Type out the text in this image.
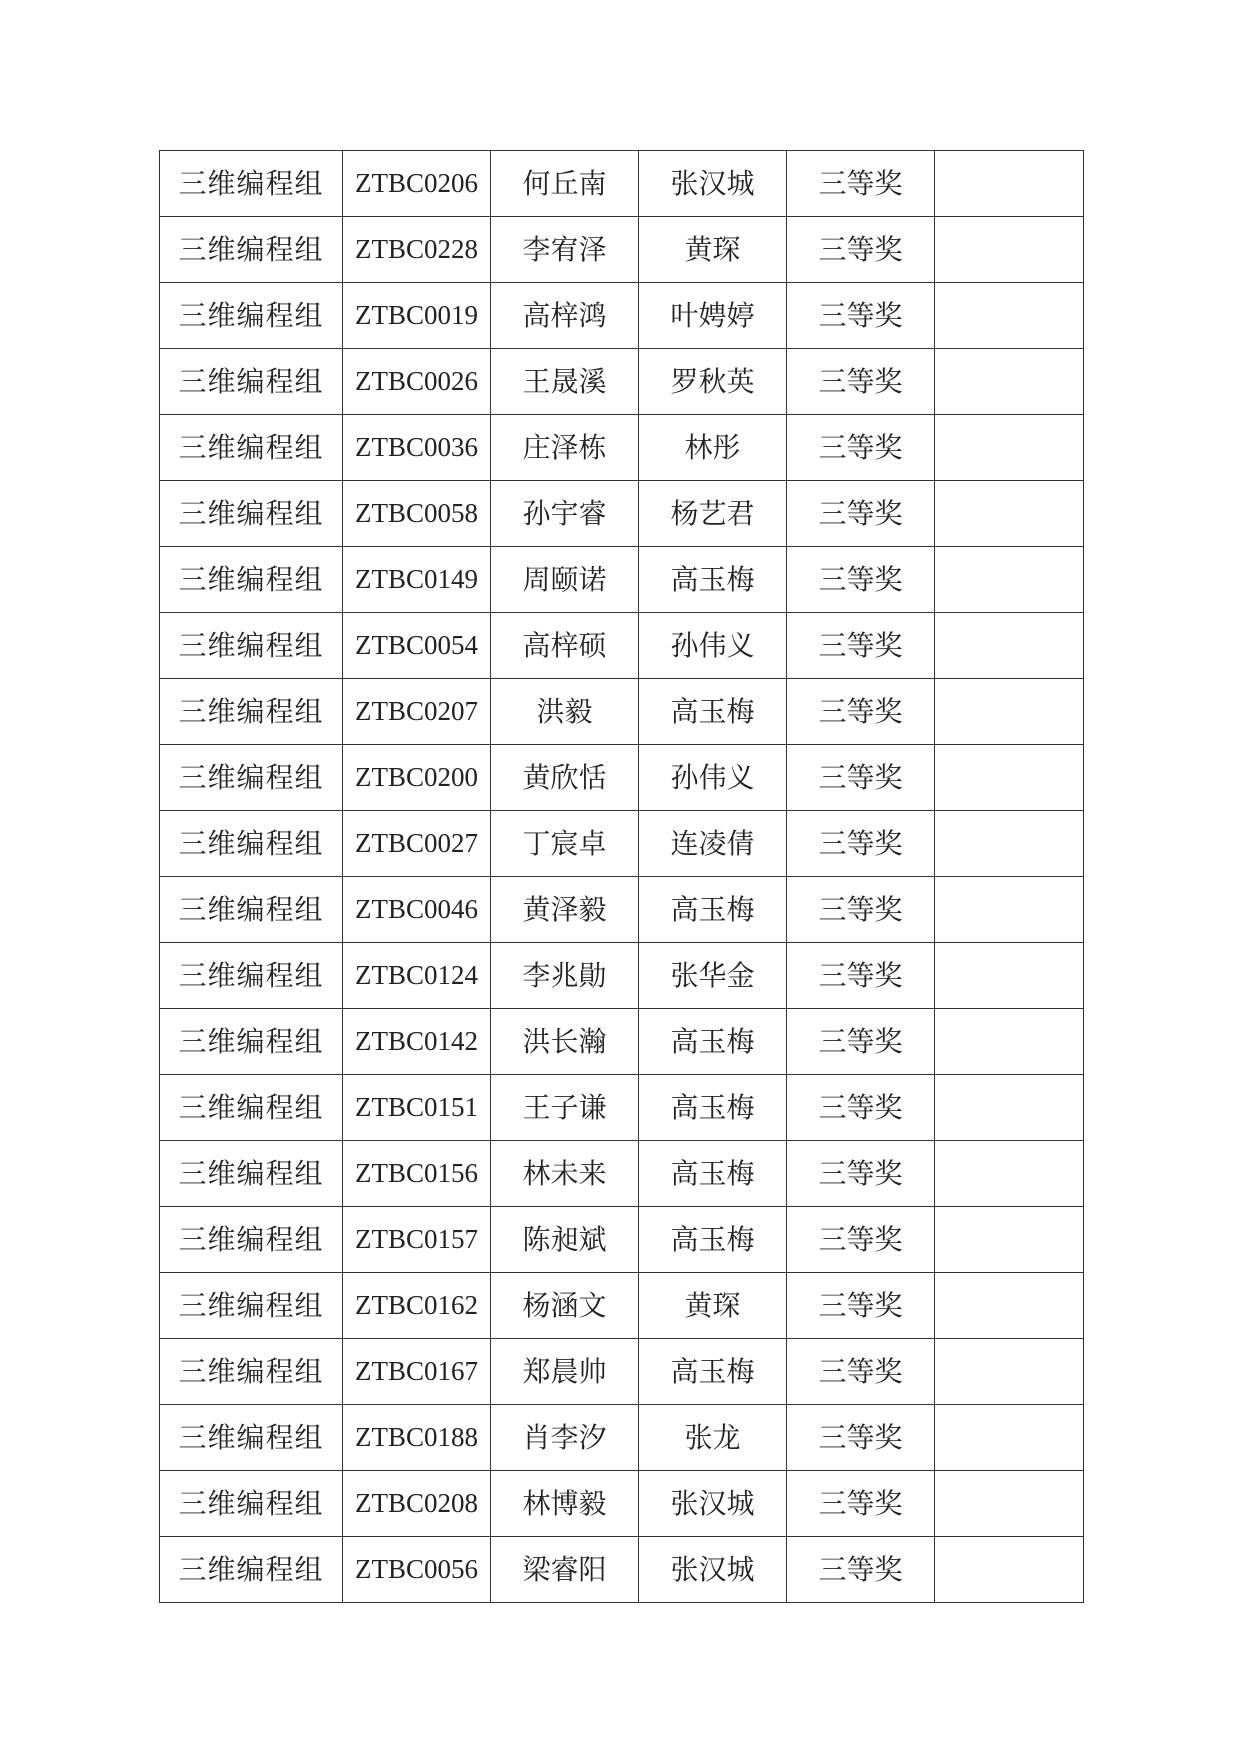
三维编程组	ZTBC0206	何丘南	张汉城	三等奖	
三维编程组	ZTBC0228	李宥泽	黄琛	三等奖	
三维编程组	ZTBC0019	高梓鸿	叶娉婷	三等奖	
三维编程组	ZTBC0026	王晟溪	罗秋英	三等奖	
三维编程组	ZTBC0036	庄泽栋	林彤	三等奖	
三维编程组	ZTBC0058	孙宇睿	杨艺君	三等奖	
三维编程组	ZTBC0149	周颐诺	高玉梅	三等奖	
三维编程组	ZTBC0054	高梓硕	孙伟义	三等奖	
三维编程组	ZTBC0207	洪毅	高玉梅	三等奖	
三维编程组	ZTBC0200	黄欣恬	孙伟义	三等奖	
三维编程组	ZTBC0027	丁宸卓	连凌倩	三等奖	
三维编程组	ZTBC0046	黄泽毅	高玉梅	三等奖	
三维编程组	ZTBC0124	李兆勛	张华金	三等奖	
三维编程组	ZTBC0142	洪长瀚	高玉梅	三等奖	
三维编程组	ZTBC0151	王子谦	高玉梅	三等奖	
三维编程组	ZTBC0156	林未来	高玉梅	三等奖	
三维编程组	ZTBC0157	陈昶斌	高玉梅	三等奖	
三维编程组	ZTBC0162	杨涵文	黄琛	三等奖	
三维编程组	ZTBC0167	郑晨帅	高玉梅	三等奖	
三维编程组	ZTBC0188	肖李汐	张龙	三等奖	
三维编程组	ZTBC0208	林博毅	张汉城	三等奖	
三维编程组	ZTBC0056	梁睿阳	张汉城	三等奖	
